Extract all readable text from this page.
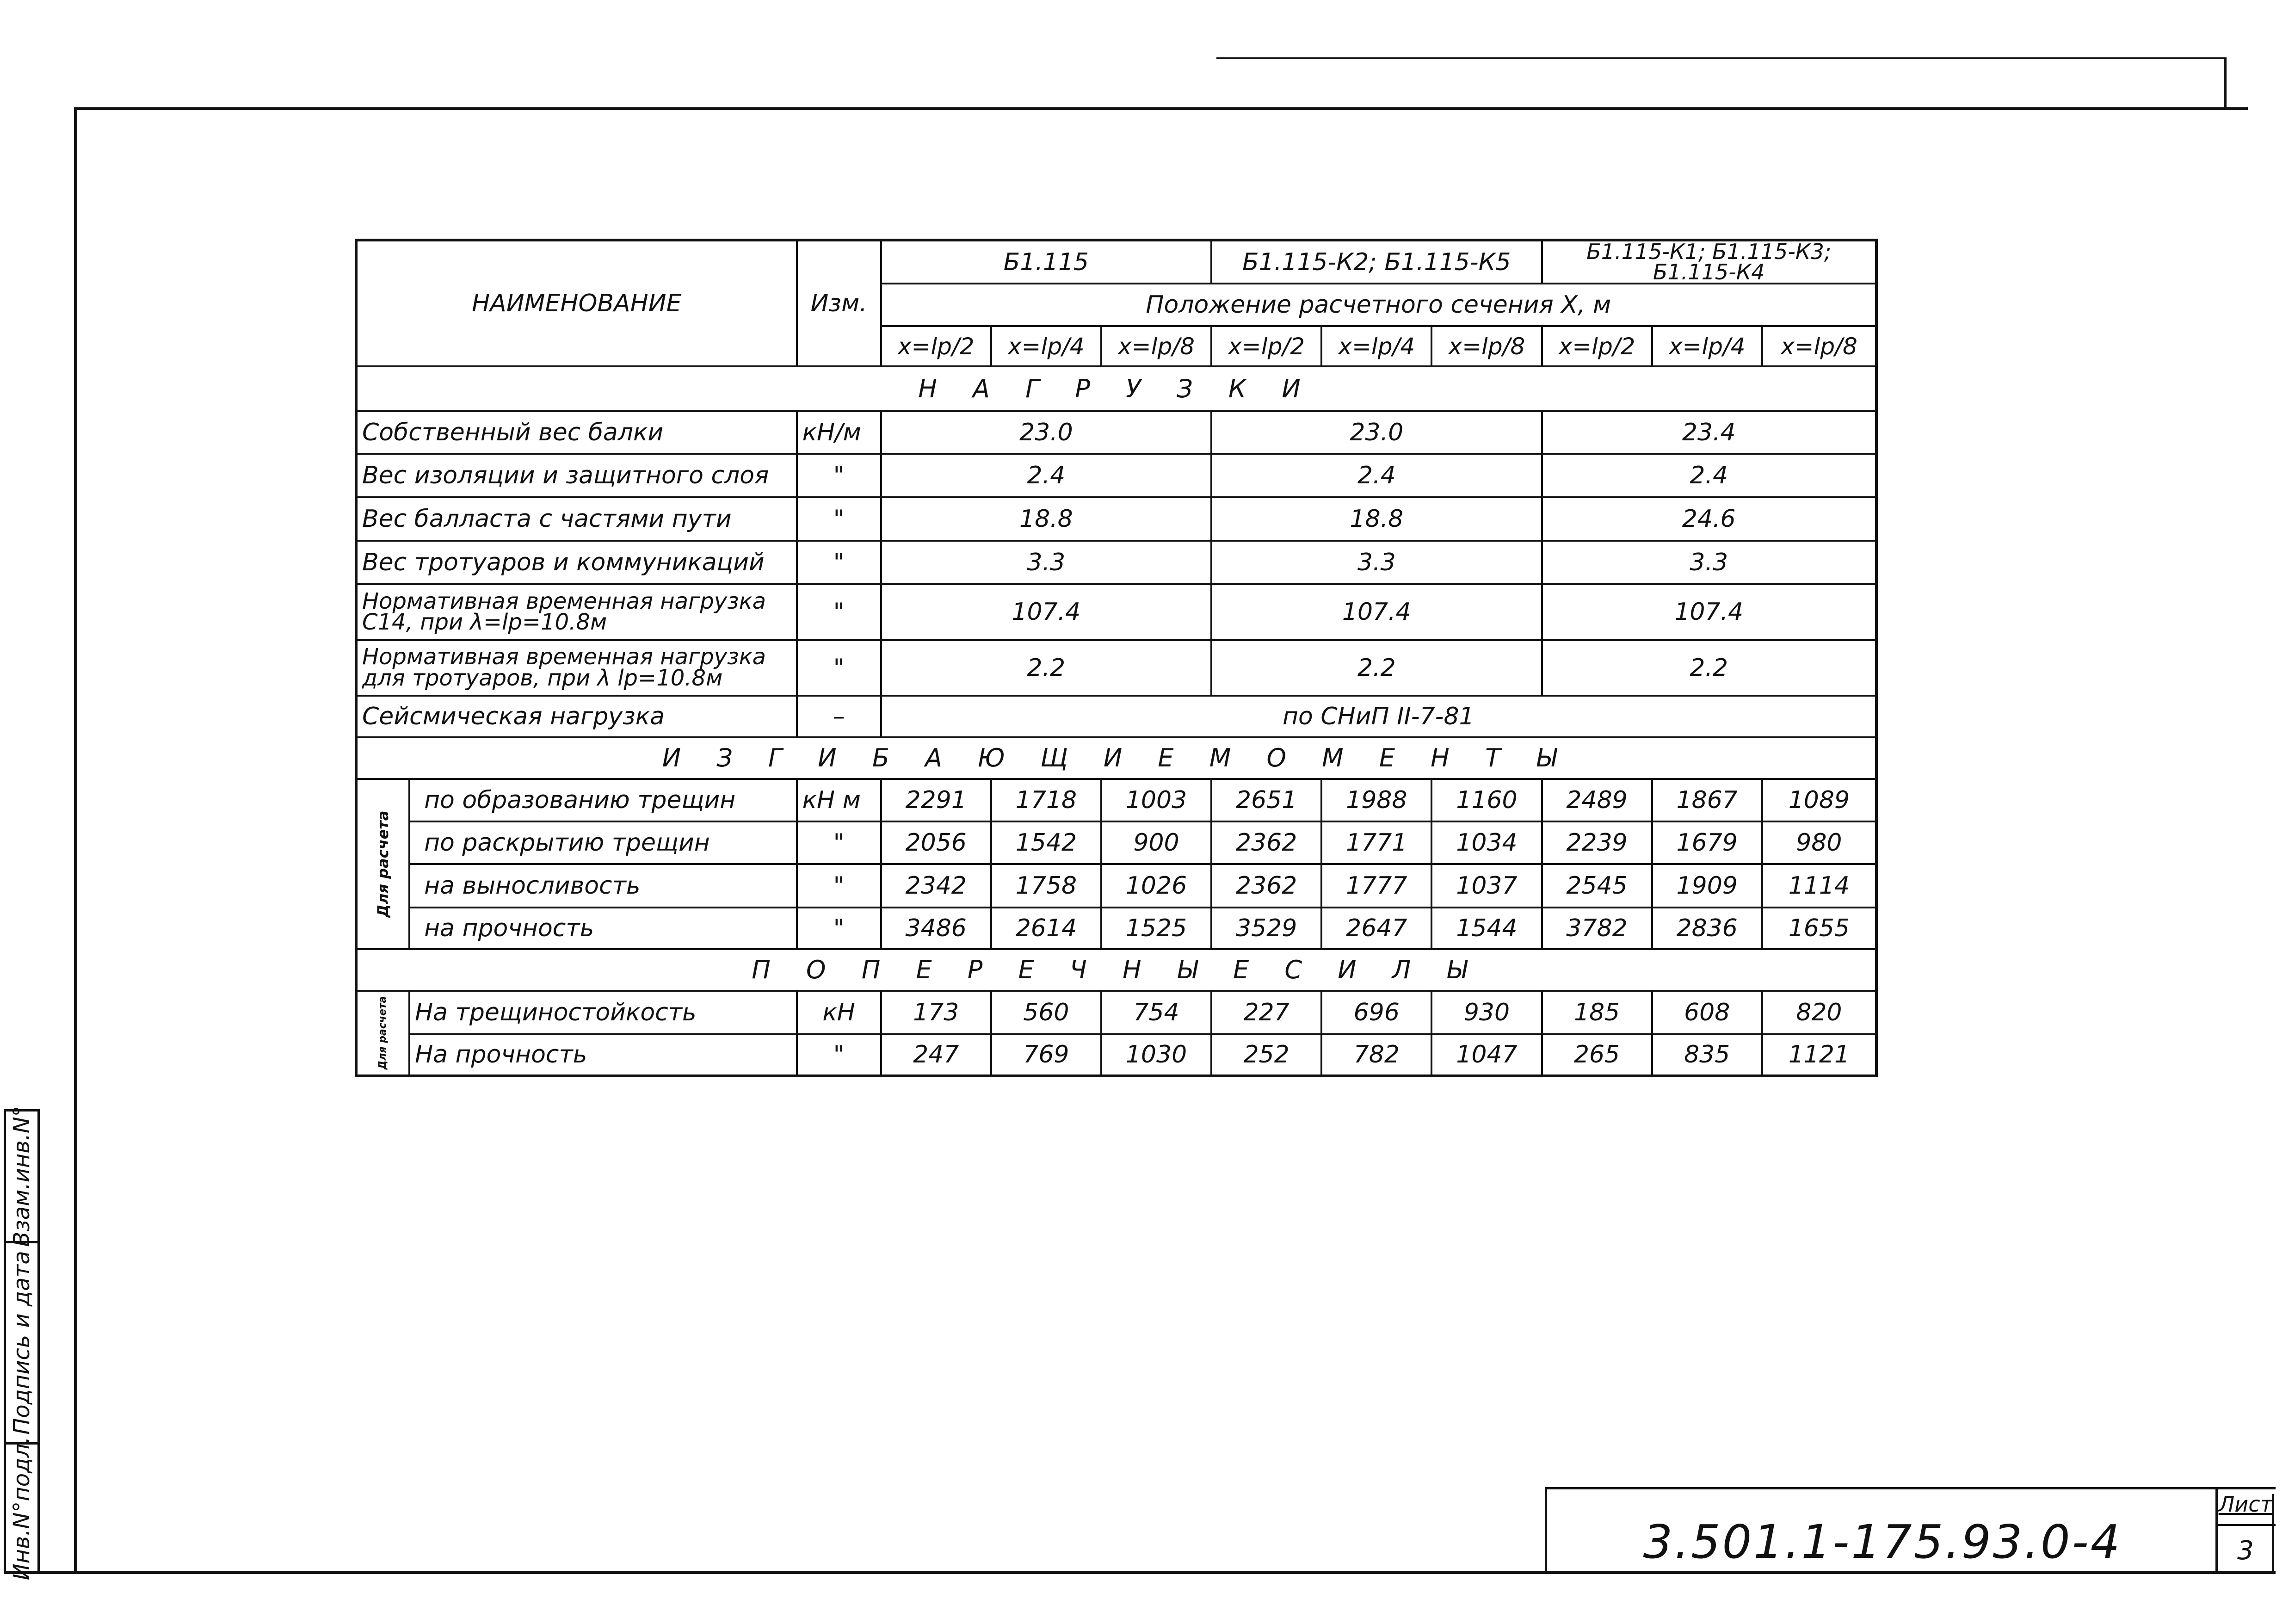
НАИМЕНОВАНИЕ		Изм.	Б1.115			Б1.115-К2; Б1.115-К5			Б1.115-К1; Б1.115-К3; Б1.115-К4		
			Положение расчетного сечения X, м								
			x=lр/2	x=lр/4	x=lр/8	x=lр/2	x=lр/4	x=lр/8	x=lр/2	x=lр/4	x=lр/8
Н А Г Р У З К И											
Собственный вес балки		кН/м	23.0			23.0			23.4		
Вес изоляции и защитного слоя		"	2.4			2.4			2.4		
Вес балласта с частями пути		"	18.8			18.8			24.6		
Вес тротуаров и коммуникаций		"	3.3			3.3			3.3		
Нормативная временная нагрузка С14, при λ=lр=10.8м		"	107.4			107.4			107.4		
Нормативная временная нагрузка для тротуаров, при λ lр=10.8м		"	2.2			2.2			2.2		
Сейсмическая нагрузка		–	по СНиП II-7-81								
И З Г И Б А Ю Щ И Е М О М Е Н Т Ы											

Для расчета	по образованию трещин	кН м	2291	1718	1003	2651	1988	1160	2489	1867	1089
	по раскрытию трещин	"	2056	1542	900	2362	1771	1034	2239	1679	980
	на выносливость	"	2342	1758	1026	2362	1777	1037	2545	1909	1114
	на прочность	"	3486	2614	1525	3529	2647	1544	3782	2836	1655
П О П Е Р Е Ч Н Ы Е С И Л Ы											

Для расчета	На трещиностойкость	кН	173	560	754	227	696	930	185	608	820
	На прочность	"	247	769	1030	252	782	1047	265	835	1121
Взам.инв.N°
Подпись и дата
Инв.N°подл.	3.501.1-175.93.0-4
Лист
3
